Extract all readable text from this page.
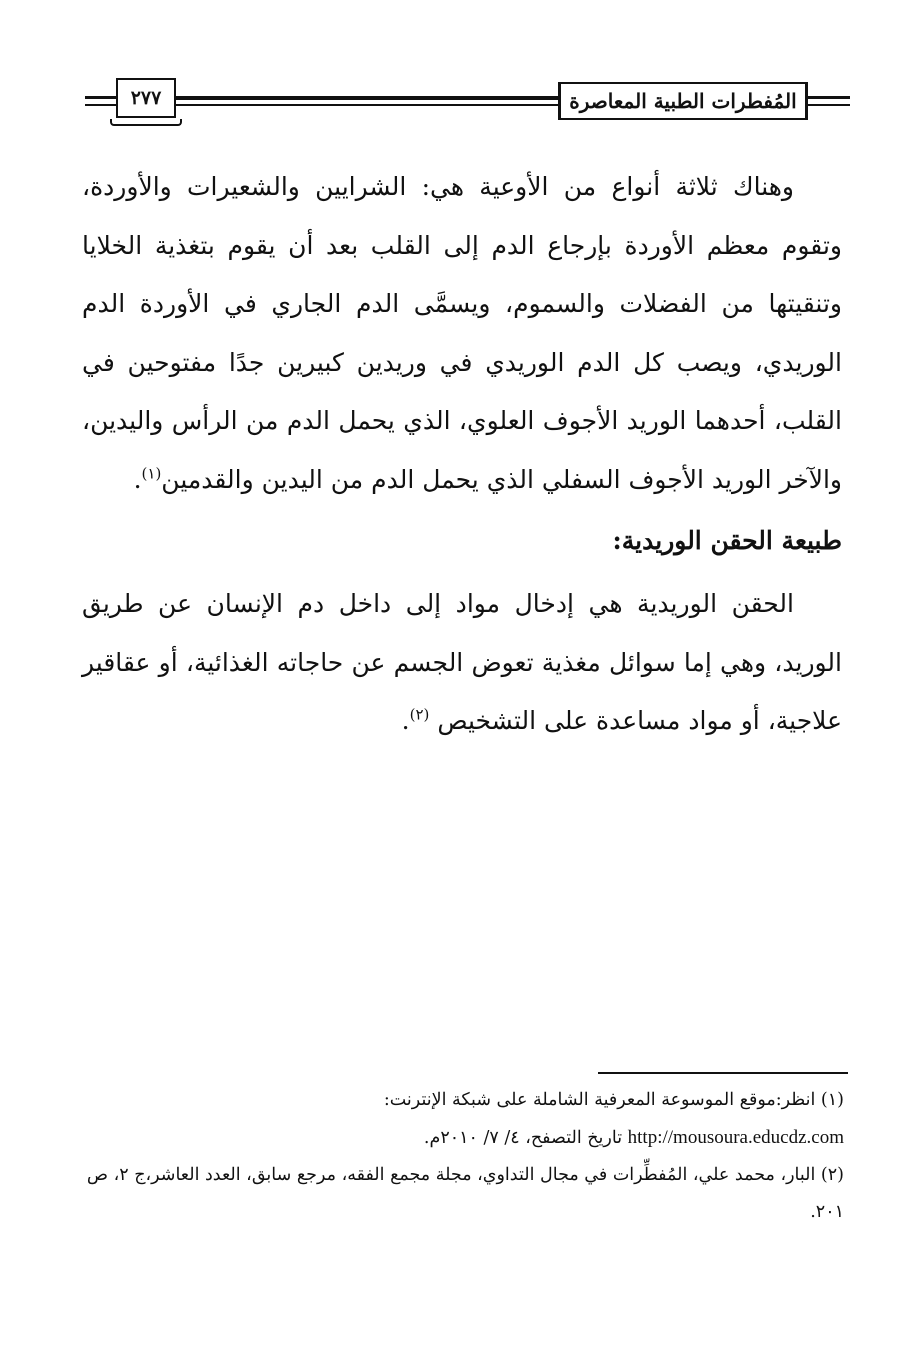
٢٧٧	المُفطرات الطبية المعاصرة

وهناك ثلاثة أنواع من الأوعية هي: الشرايين والشعيرات والأوردة، وتقوم معظم الأوردة بإرجاع الدم إلى القلب بعد أن يقوم بتغذية الخلايا وتنقيتها من الفضلات والسموم، ويسمَّى الدم الجاري في الأوردة الدم الوريدي، ويصب كل الدم الوريدي في وريدين كبيرين جدًا مفتوحين في القلب، أحدهما الوريد الأجوف العلوي، الذي يحمل الدم من الرأس واليدين، والآخر الوريد الأجوف السفلي الذي يحمل الدم من اليدين والقدمين$^{(١)}$.

طبيعة الحقن الوريدية:

الحقن الوريدية هي إدخال مواد إلى داخل دم الإنسان عن طريق الوريد، وهي إما سوائل مغذية تعوض الجسم عن حاجاته الغذائية، أو عقاقير علاجية، أو مواد مساعدة على التشخيص $^{(٢)}$.

(١) انظر:موقع الموسوعة المعرفية الشاملة على شبكة الإنترنت:
http://mousoura.educdz.com تاريخ التصفح، ٤/ ٧/ ٢٠١٠م.
(٢) البار، محمد علي، المُفطِّرات في مجال التداوي، مجلة مجمع الفقه، مرجع سابق، العدد العاشر،ج ٢، ص ٢٠١.
